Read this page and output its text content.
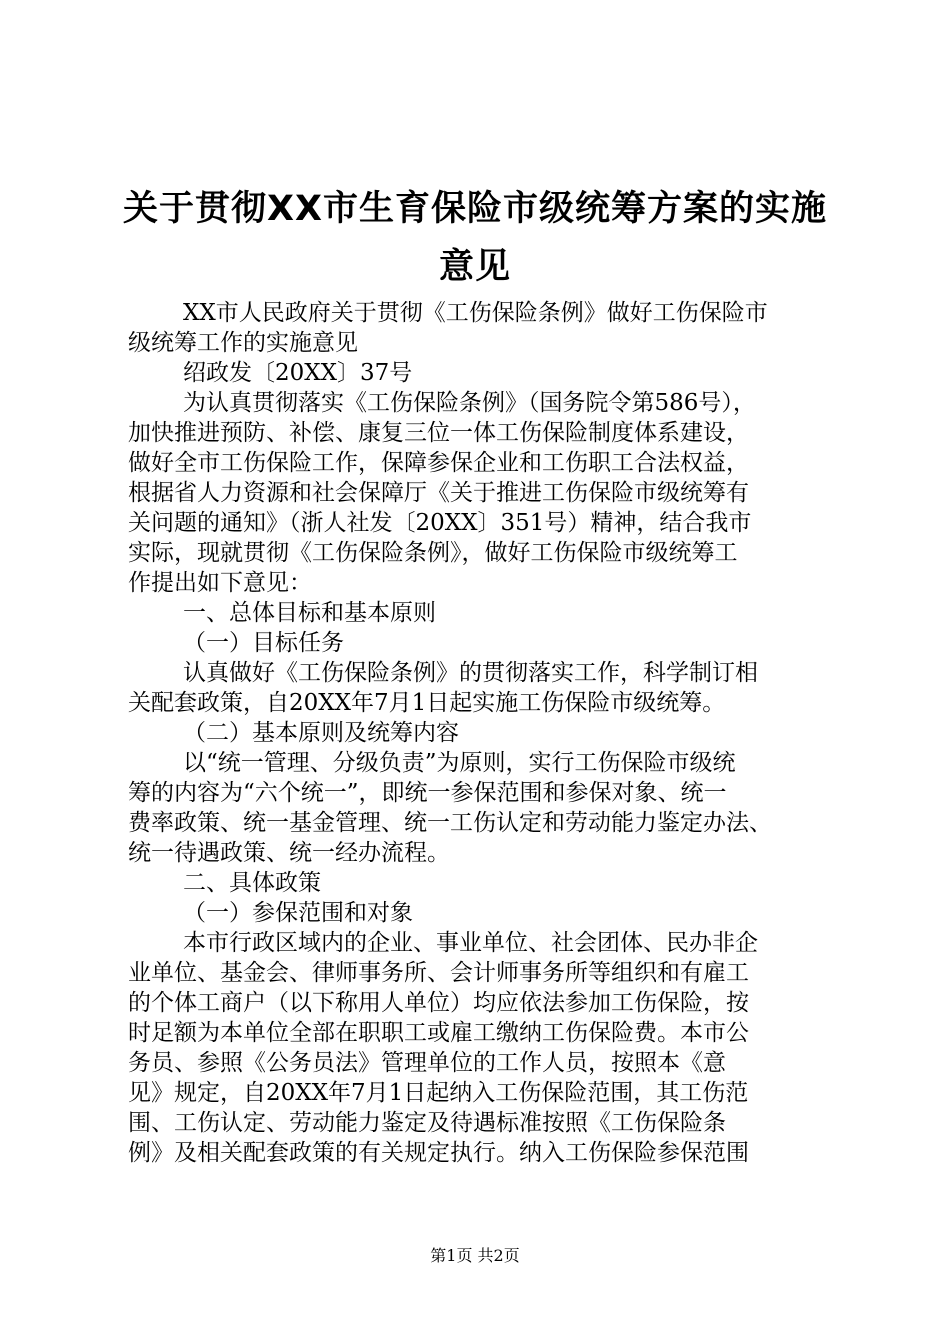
关于贯彻XX市生育保险市级统筹方案的实施
意见
XX市人民政府关于贯彻《工伤保险条例》做好工伤保险市
级统筹工作的实施意见
绍政发〔20XX〕37号
为认真贯彻落实《工伤保险条例》（国务院令第586号），
加快推进预防、补偿、康复三位一体工伤保险制度体系建设，
做好全市工伤保险工作，保障参保企业和工伤职工合法权益，
根据省人力资源和社会保障厅《关于推进工伤保险市级统筹有
关问题的通知》（浙人社发〔20XX〕351号）精神，结合我市
实际，现就贯彻《工伤保险条例》，做好工伤保险市级统筹工
作提出如下意见：
一、总体目标和基本原则
（一）目标任务
认真做好《工伤保险条例》的贯彻落实工作，科学制订相
关配套政策，自20XX年7月1日起实施工伤保险市级统筹。
（二）基本原则及统筹内容
以“统一管理、分级负责”为原则，实行工伤保险市级统
筹的内容为“六个统一”，即统一参保范围和参保对象、统一
费率政策、统一基金管理、统一工伤认定和劳动能力鉴定办法、
统一待遇政策、统一经办流程。
二、具体政策
（一）参保范围和对象
本市行政区域内的企业、事业单位、社会团体、民办非企
业单位、基金会、律师事务所、会计师事务所等组织和有雇工
的个体工商户（以下称用人单位）均应依法参加工伤保险，按
时足额为本单位全部在职职工或雇工缴纳工伤保险费。本市公
务员、参照《公务员法》管理单位的工作人员，按照本《意
见》规定，自20XX年7月1日起纳入工伤保险范围，其工伤范
围、工伤认定、劳动能力鉴定及待遇标准按照《工伤保险条
例》及相关配套政策的有关规定执行。纳入工伤保险参保范围
第1页 共2页
